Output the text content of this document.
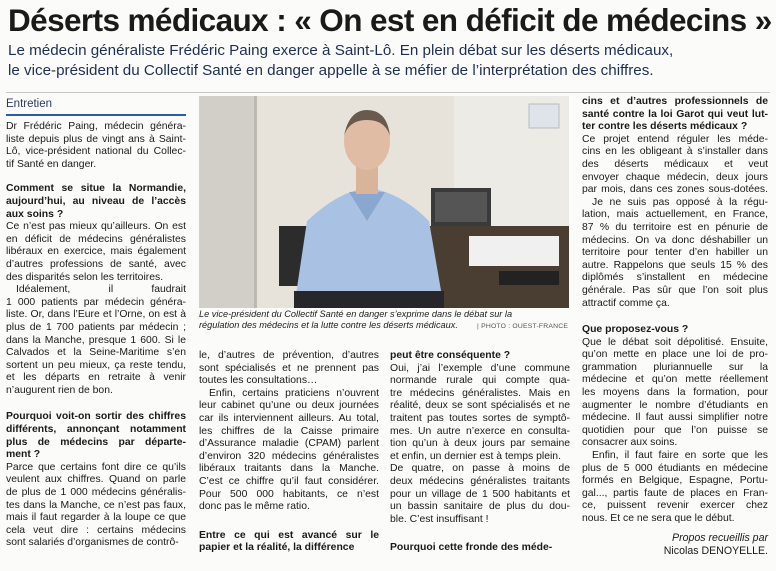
Déserts médicaux : « On est en déficit de médecins »
Le médecin généraliste Frédéric Paing exerce à Saint-Lô. En plein débat sur les déserts médicaux,
le vice-président du Collectif Santé en danger appelle à se méfier de l’interprétation des chiffres.
Entretien
Dr Frédéric Paing, médecin généra-
liste depuis plus de vingt ans à Saint-
Lô, vice-président national du Collec-
tif Santé en danger.
Comment se situe la Normandie,
aujourd’hui, au niveau de l’accès
aux soins ?
Ce n’est pas mieux qu’ailleurs. On est
en déficit de médecins généralistes
libéraux en exercice, mais également
d’autres professions de santé, avec
des disparités selon les territoires.
Idéalement, il faudrait
1 000 patients par médecin généra-
liste. Or, dans l’Eure et l’Orne, on est à
plus de 1 700 patients par médecin ;
dans la Manche, presque 1 600. Si le
Calvados et la Seine-Maritime s’en
sortent un peu mieux, ça reste tendu,
et les départs en retraite à venir
n’augurent rien de bon.
Pourquoi voit-on sortir des chiffres
différents, annonçant notamment
plus de médecins par départe-
ment ?
Parce que certains font dire ce qu’ils
veulent aux chiffres. Quand on parle
de plus de 1 000 médecins généralis-
tes dans la Manche, ce n’est pas faux,
mais il faut regarder à la loupe ce que
cela veut dire : certains médecins
sont salariés d’organismes de contrô-
Le vice-président du Collectif Santé en danger s’exprime dans le débat sur la
régulation des médecins et la lutte contre les déserts médicaux.	| PHOTO : OUEST-FRANCE
le, d’autres de prévention, d’autres
sont spécialisés et ne prennent pas
toutes les consultations…
Enfin, certains praticiens n’ouvrent
leur cabinet qu’une ou deux journées
car ils interviennent ailleurs. Au total,
les chiffres de la Caisse primaire
d’Assurance maladie (CPAM) parlent
d’environ 320 médecins généralistes
libéraux traitants dans la Manche.
C’est ce chiffre qu’il faut considérer.
Pour 500 000 habitants, ce n’est
donc pas le même ratio.
Entre ce qui est avancé sur le
papier et la réalité, la différence
peut être conséquente ?
Oui, j’ai l’exemple d’une commune
normande rurale qui compte qua-
tre médecins généralistes. Mais en
réalité, deux se sont spécialisés et ne
traitent pas toutes sortes de symptô-
mes. Un autre n’exerce en consulta-
tion qu’un à deux jours par semaine
et enfin, un dernier est à temps plein.
De quatre, on passe à moins de
deux médecins généralistes traitants
pour un village de 1 500 habitants et
un bassin sanitaire de plus du dou-
ble. C’est insuffisant !
Pourquoi cette fronde des méde-
cins et d’autres professionnels de
santé contre la loi Garot qui veut lut-
ter contre les déserts médicaux ?
Ce projet entend réguler les méde-
cins en les obligeant à s’installer dans
des déserts médicaux et veut
envoyer chaque médecin, deux jours
par mois, dans ces zones sous-dotées.
Je ne suis pas opposé à la régu-
lation, mais actuellement, en France,
87 % du territoire est en pénurie de
médecins. On va donc déshabiller un
territoire pour tenter d’en habiller un
autre. Rappelons que seuls 15 % des
diplômés s’installent en médecine
générale. Pas sûr que l’on soit plus
attractif comme ça.
Que proposez-vous ?
Que le débat soit dépolitisé. Ensuite,
qu’on mette en place une loi de pro-
grammation pluriannuelle sur la
médecine et qu’on mette réellement
les moyens dans la formation, pour
augmenter le nombre d’étudiants en
médecine. Il faut aussi simplifier notre
quotidien pour que l’on puisse se
consacrer aux soins.
Enfin, il faut faire en sorte que les
plus de 5 000 étudiants en médecine
formés en Belgique, Espagne, Portu-
gal..., partis faute de places en Fran-
ce, puissent revenir exercer chez
nous. Et ce ne sera que le début.
Propos recueillis par
Nicolas DENOYELLE.
